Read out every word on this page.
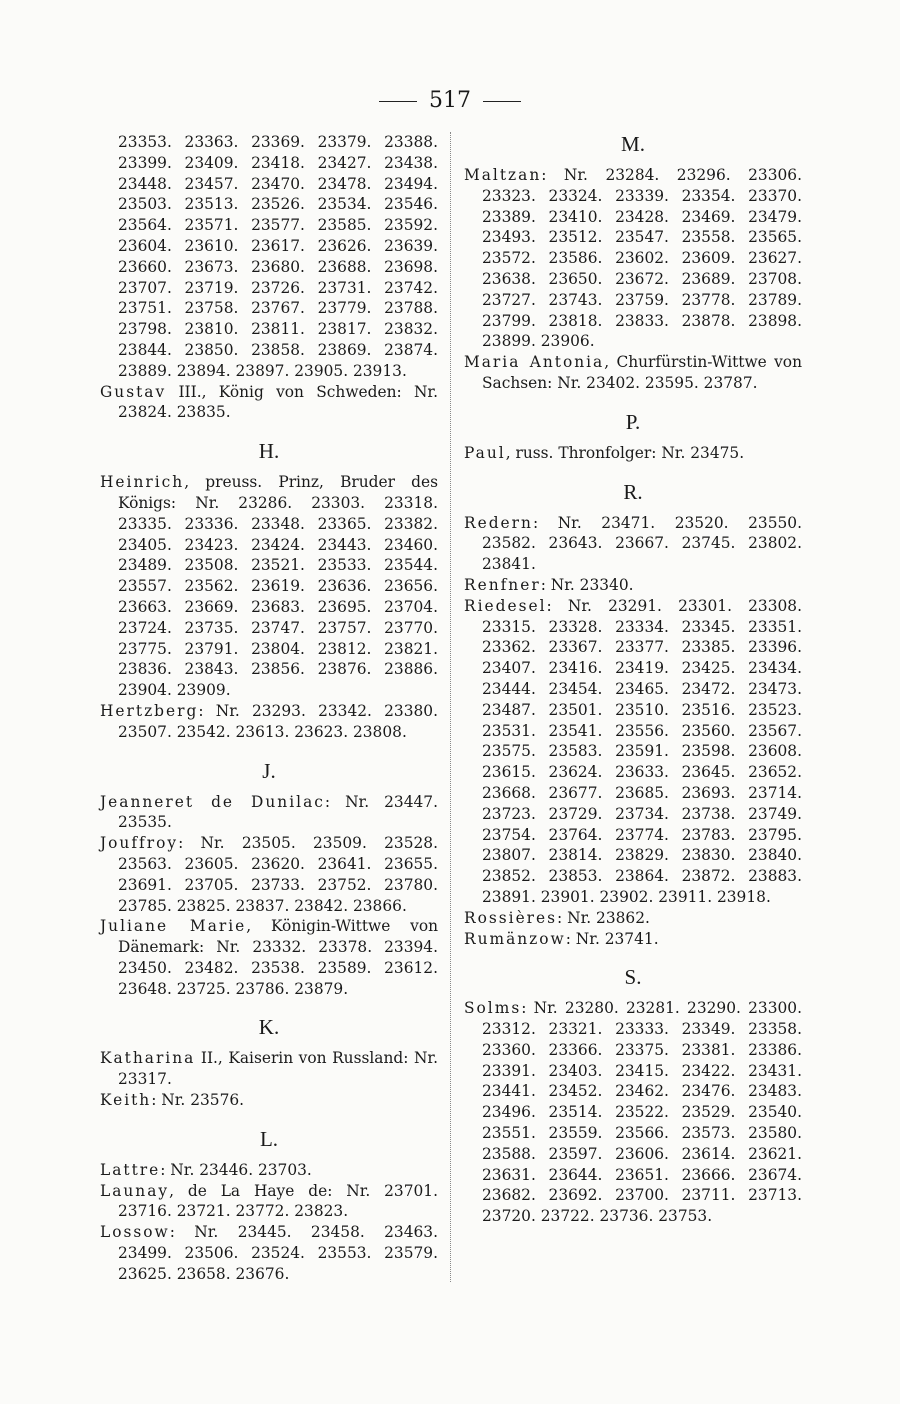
517
23353. 23363. 23369. 23379. 23388. 23399. 23409. 23418. 23427. 23438. 23448. 23457. 23470. 23478. 23494. 23503. 23513. 23526. 23534. 23546. 23564. 23571. 23577. 23585. 23592. 23604. 23610. 23617. 23626. 23639. 23660. 23673. 23680. 23688. 23698. 23707. 23719. 23726. 23731. 23742. 23751. 23758. 23767. 23779. 23788. 23798. 23810. 23811. 23817. 23832. 23844. 23850. 23858. 23869. 23874. 23889. 23894. 23897. 23905. 23913.
Gustav III., König von Schweden: Nr. 23824. 23835.
H.
Heinrich, preuss. Prinz, Bruder des Königs: Nr. 23286. 23303. 23318. 23335. 23336. 23348. 23365. 23382. 23405. 23423. 23424. 23443. 23460. 23489. 23508. 23521. 23533. 23544. 23557. 23562. 23619. 23636. 23656. 23663. 23669. 23683. 23695. 23704. 23724. 23735. 23747. 23757. 23770. 23775. 23791. 23804. 23812. 23821. 23836. 23843. 23856. 23876. 23886. 23904. 23909.
Hertzberg: Nr. 23293. 23342. 23380. 23507. 23542. 23613. 23623. 23808.
J.
Jeanneret de Dunilac: Nr. 23447. 23535.
Jouffroy: Nr. 23505. 23509. 23528. 23563. 23605. 23620. 23641. 23655. 23691. 23705. 23733. 23752. 23780. 23785. 23825. 23837. 23842. 23866.
Juliane Marie, Königin-Wittwe von Dänemark: Nr. 23332. 23378. 23394. 23450. 23482. 23538. 23589. 23612. 23648. 23725. 23786. 23879.
K.
Katharina II., Kaiserin von Russland: Nr. 23317.
Keith: Nr. 23576.
L.
Lattre: Nr. 23446. 23703.
Launay, de La Haye de: Nr. 23701. 23716. 23721. 23772. 23823.
Lossow: Nr. 23445. 23458. 23463. 23499. 23506. 23524. 23553. 23579. 23625. 23658. 23676.
M.
Maltzan: Nr. 23284. 23296. 23306. 23323. 23324. 23339. 23354. 23370. 23389. 23410. 23428. 23469. 23479. 23493. 23512. 23547. 23558. 23565. 23572. 23586. 23602. 23609. 23627. 23638. 23650. 23672. 23689. 23708. 23727. 23743. 23759. 23778. 23789. 23799. 23818. 23833. 23878. 23898. 23899. 23906.
Maria Antonia, Churfürstin-Wittwe von Sachsen: Nr. 23402. 23595. 23787.
P.
Paul, russ. Thronfolger: Nr. 23475.
R.
Redern: Nr. 23471. 23520. 23550. 23582. 23643. 23667. 23745. 23802. 23841.
Renfner: Nr. 23340.
Riedesel: Nr. 23291. 23301. 23308. 23315. 23328. 23334. 23345. 23351. 23362. 23367. 23377. 23385. 23396. 23407. 23416. 23419. 23425. 23434. 23444. 23454. 23465. 23472. 23473. 23487. 23501. 23510. 23516. 23523. 23531. 23541. 23556. 23560. 23567. 23575. 23583. 23591. 23598. 23608. 23615. 23624. 23633. 23645. 23652. 23668. 23677. 23685. 23693. 23714. 23723. 23729. 23734. 23738. 23749. 23754. 23764. 23774. 23783. 23795. 23807. 23814. 23829. 23830. 23840. 23852. 23853. 23864. 23872. 23883. 23891. 23901. 23902. 23911. 23918.
Rossières: Nr. 23862.
Rumänzow: Nr. 23741.
S.
Solms: Nr. 23280. 23281. 23290. 23300. 23312. 23321. 23333. 23349. 23358. 23360. 23366. 23375. 23381. 23386. 23391. 23403. 23415. 23422. 23431. 23441. 23452. 23462. 23476. 23483. 23496. 23514. 23522. 23529. 23540. 23551. 23559. 23566. 23573. 23580. 23588. 23597. 23606. 23614. 23621. 23631. 23644. 23651. 23666. 23674. 23682. 23692. 23700. 23711. 23713. 23720. 23722. 23736. 23753.
